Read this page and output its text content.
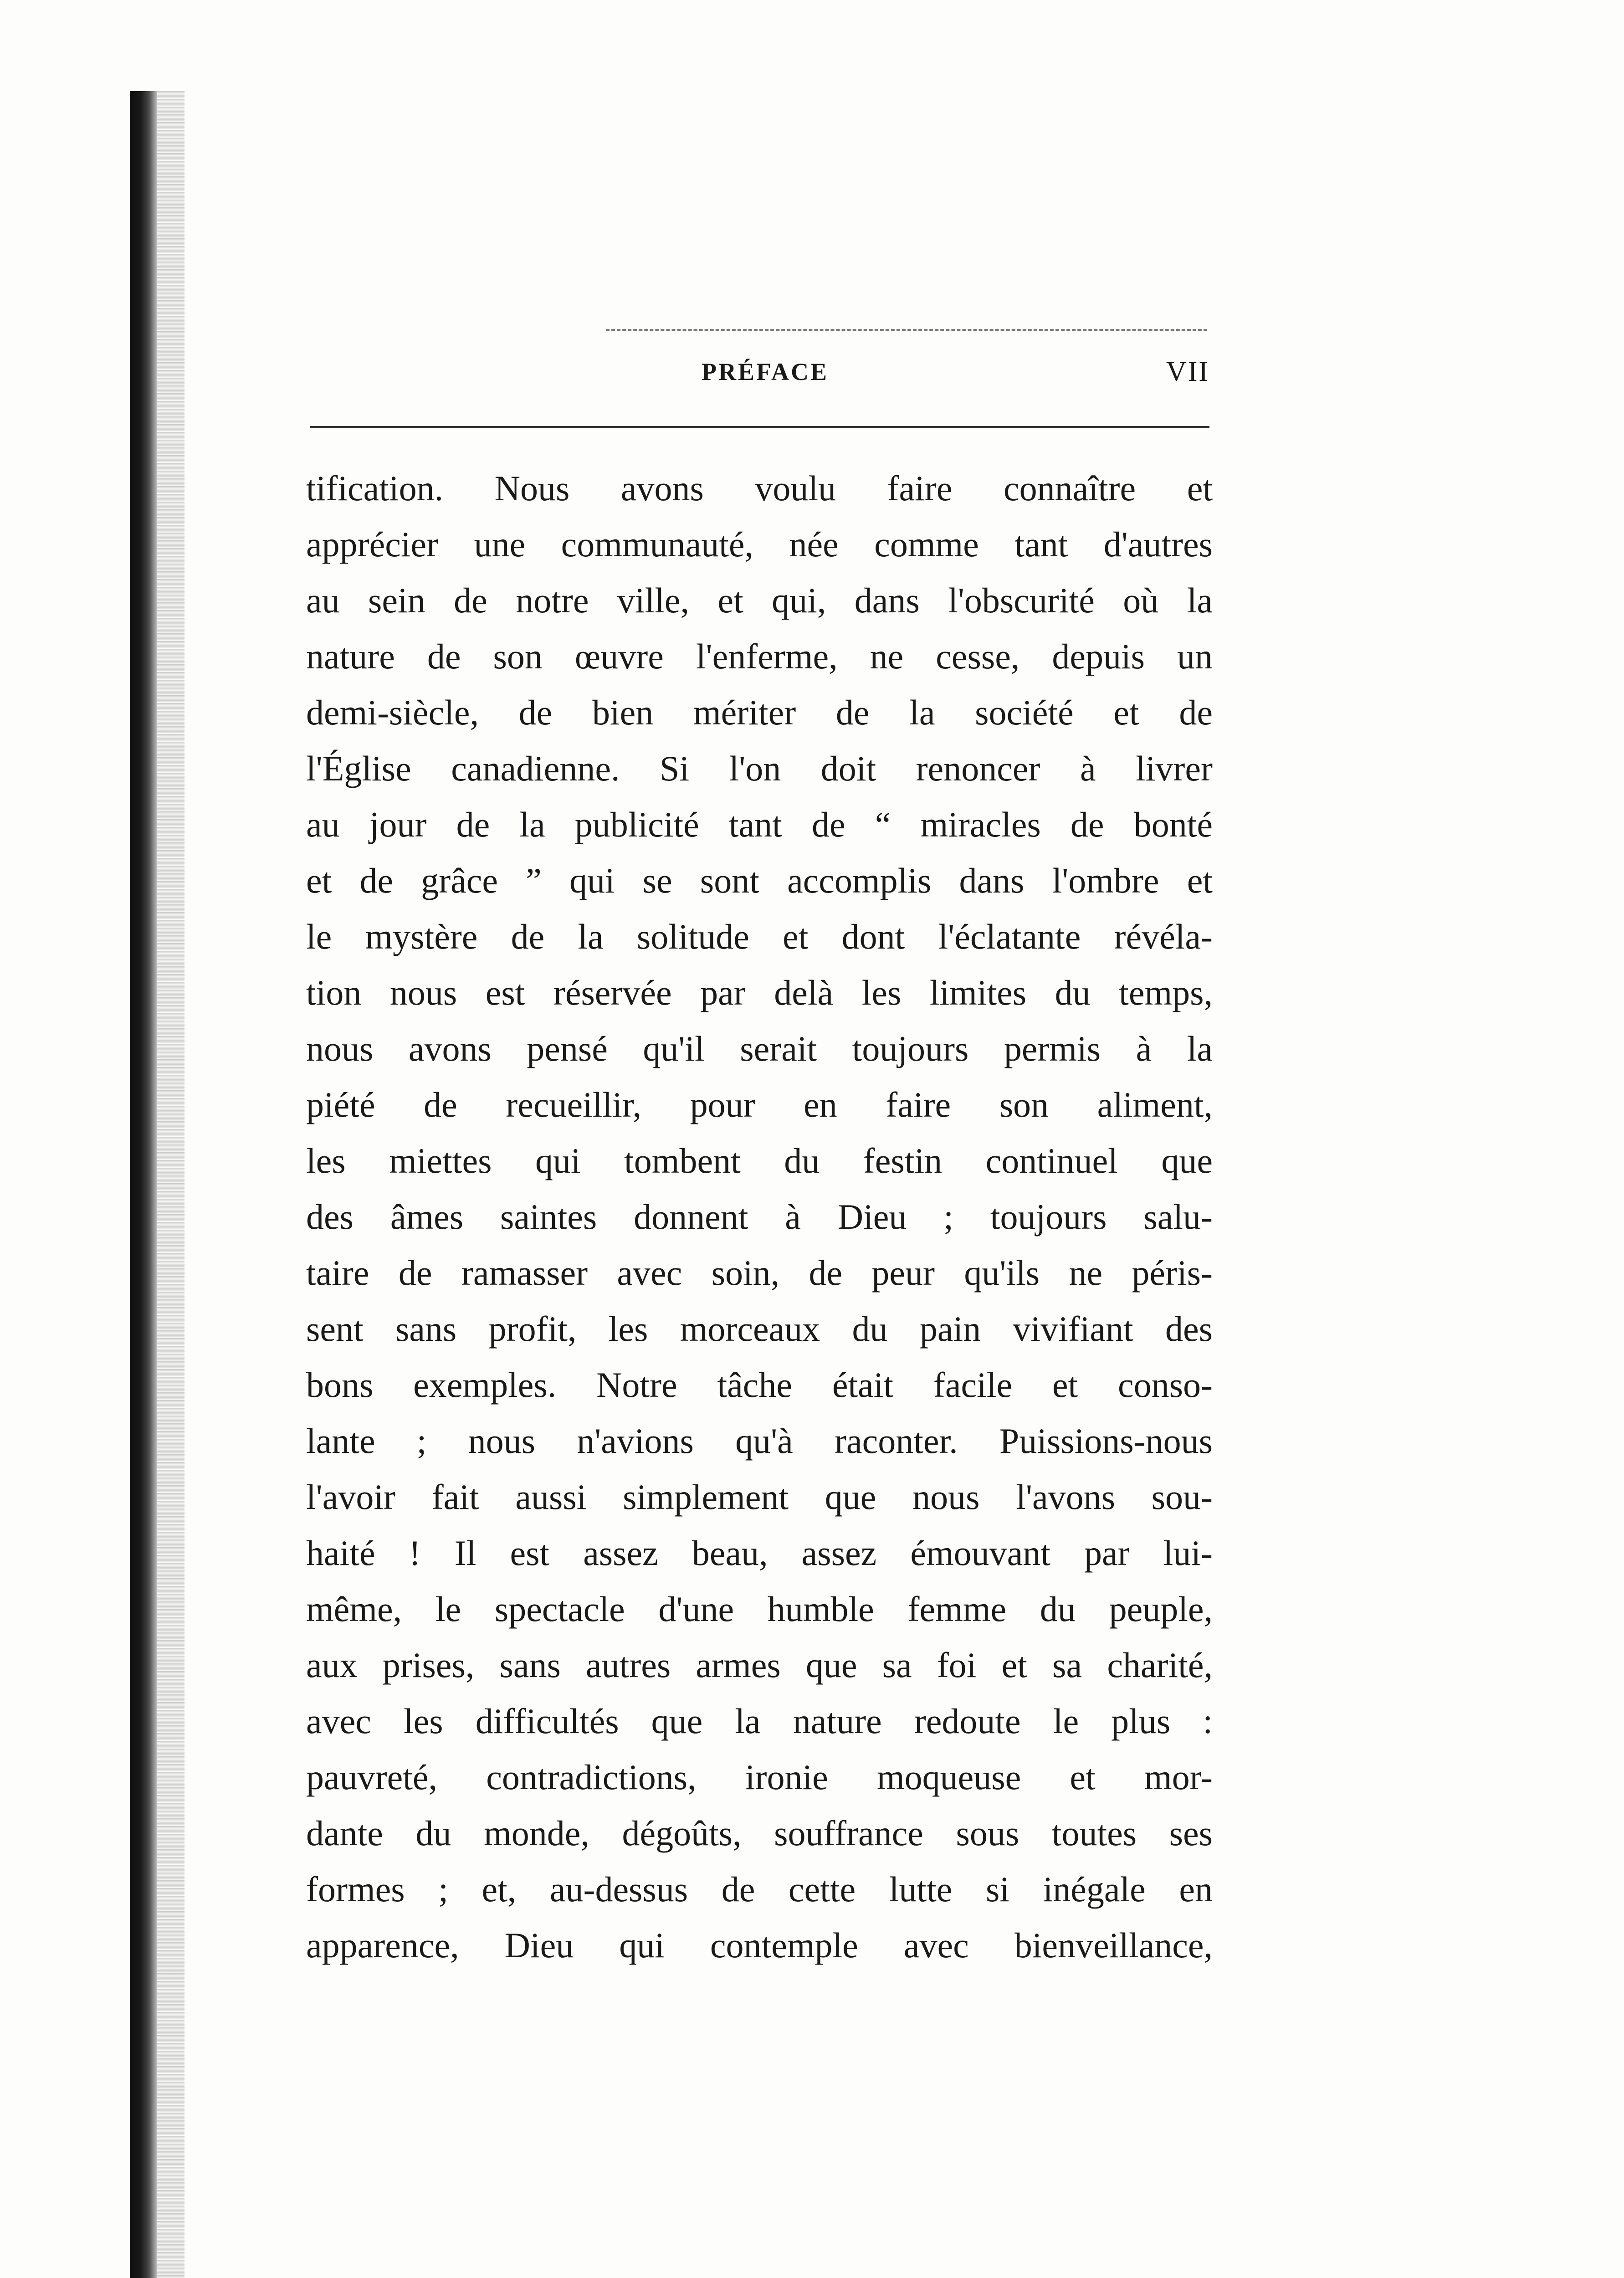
PRÉFACE	VII
tification. Nous avons voulu faire connaître et
apprécier une communauté, née comme tant d'autres
au sein de notre ville, et qui, dans l'obscurité où la
nature de son œuvre l'enferme, ne cesse, depuis un
demi-siècle, de bien mériter de la société et de
l'Église canadienne. Si l'on doit renoncer à livrer
au jour de la publicité tant de “ miracles de bonté
et de grâce ” qui se sont accomplis dans l'ombre et
le mystère de la solitude et dont l'éclatante révéla-
tion nous est réservée par delà les limites du temps,
nous avons pensé qu'il serait toujours permis à la
piété de recueillir, pour en faire son aliment,
les miettes qui tombent du festin continuel que
des âmes saintes donnent à Dieu ; toujours salu-
taire de ramasser avec soin, de peur qu'ils ne péris-
sent sans profit, les morceaux du pain vivifiant des
bons exemples. Notre tâche était facile et conso-
lante ; nous n'avions qu'à raconter. Puissions-nous
l'avoir fait aussi simplement que nous l'avons sou-
haité ! Il est assez beau, assez émouvant par lui-
même, le spectacle d'une humble femme du peuple,
aux prises, sans autres armes que sa foi et sa charité,
avec les difficultés que la nature redoute le plus :
pauvreté, contradictions, ironie moqueuse et mor-
dante du monde, dégoûts, souffrance sous toutes ses
formes ; et, au-dessus de cette lutte si inégale en
apparence, Dieu qui contemple avec bienveillance,
